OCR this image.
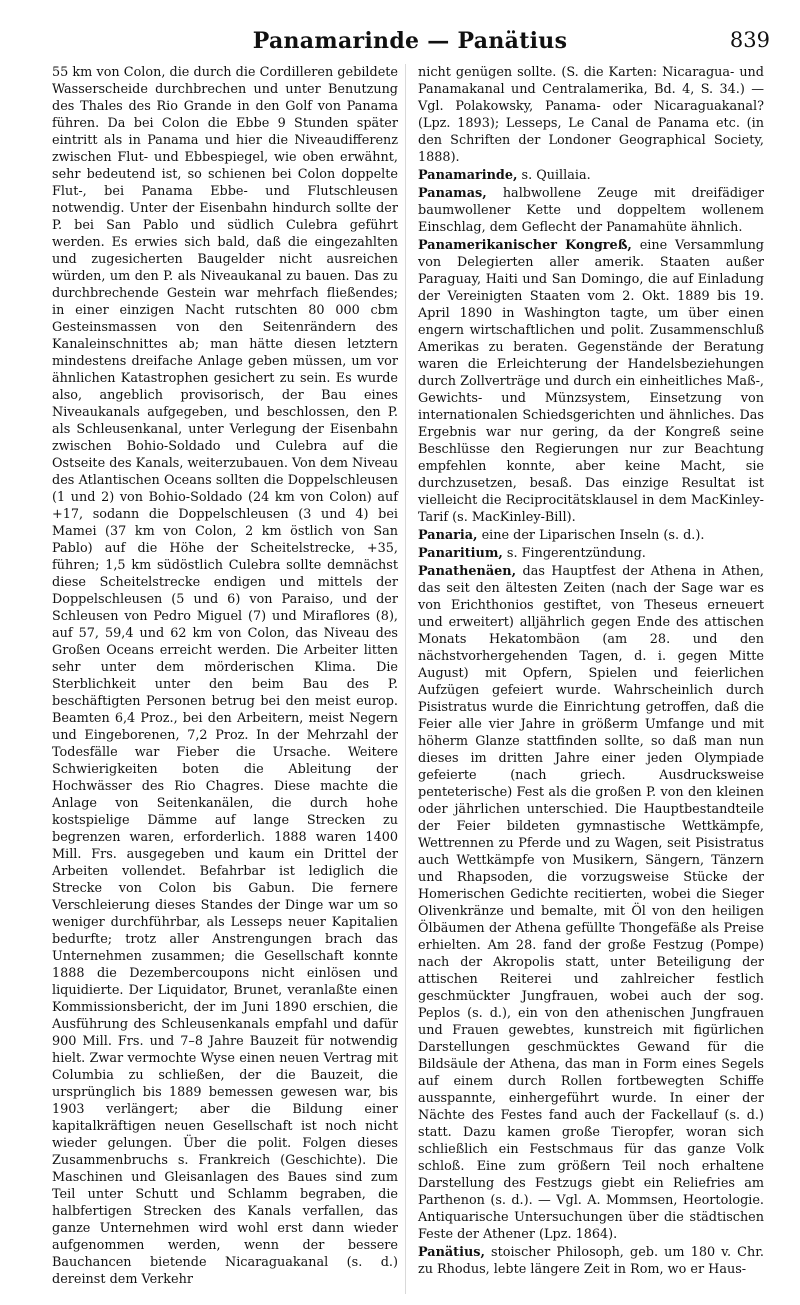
Panamarinde — Panätius	839

55 km von Colon, die durch die Cordilleren gebildete Wasserscheide durchbrechen und unter Benutzung des Thales des Rio Grande in den Golf von Panama führen. Da bei Colon die Ebbe 9 Stunden später eintritt als in Panama und hier die Niveaudifferenz zwischen Flut- und Ebbespiegel, wie oben erwähnt, sehr bedeutend ist, so schienen bei Colon doppelte Flut-, bei Panama Ebbe- und Flutschleusen notwendig. Unter der Eisenbahn hindurch sollte der P. bei San Pablo und südlich Culebra geführt werden. Es erwies sich bald, daß die eingezahlten und zugesicherten Baugelder nicht ausreichen würden, um den P. als Niveaukanal zu bauen. Das zu durchbrechende Gestein war mehrfach fließendes; in einer einzigen Nacht rutschten 80 000 cbm Gesteinsmassen von den Seitenrändern des Kanaleinschnittes ab; man hätte diesen letztern mindestens dreifache Anlage geben müssen, um vor ähnlichen Katastrophen gesichert zu sein. Es wurde also, angeblich provisorisch, der Bau eines Niveaukanals aufgegeben, und beschlossen, den P. als Schleusenkanal, unter Verlegung der Eisenbahn zwischen Bohio-Soldado und Culebra auf die Ostseite des Kanals, weiterzubauen. Von dem Niveau des Atlantischen Oceans sollten die Doppelschleusen (1 und 2) von Bohio-Soldado (24 km von Colon) auf +17, sodann die Doppelschleusen (3 und 4) bei Mamei (37 km von Colon, 2 km östlich von San Pablo) auf die Höhe der Scheitelstrecke, +35, führen; 1,5 km südöstlich Culebra sollte demnächst diese Scheitelstrecke endigen und mittels der Doppelschleusen (5 und 6) von Paraiso, und der Schleusen von Pedro Miguel (7) und Miraflores (8), auf 57, 59,4 und 62 km von Colon, das Niveau des Großen Oceans erreicht werden. Die Arbeiter litten sehr unter dem mörderischen Klima. Die Sterblichkeit unter den beim Bau des P. beschäftigten Personen betrug bei den meist europ. Beamten 6,4 Proz., bei den Arbeitern, meist Negern und Eingeborenen, 7,2 Proz. In der Mehrzahl der Todesfälle war Fieber die Ursache. Weitere Schwierigkeiten boten die Ableitung der Hochwässer des Rio Chagres. Diese machte die Anlage von Seitenkanälen, die durch hohe kostspielige Dämme auf lange Strecken zu begrenzen waren, erforderlich. 1888 waren 1400 Mill. Frs. ausgegeben und kaum ein Drittel der Arbeiten vollendet. Befahrbar ist lediglich die Strecke von Colon bis Gabun. Die fernere Verschleierung dieses Standes der Dinge war um so weniger durchführbar, als Lesseps neuer Kapitalien bedurfte; trotz aller Anstrengungen brach das Unternehmen zusammen; die Gesellschaft konnte 1888 die Dezembercoupons nicht einlösen und liquidierte. Der Liquidator, Brunet, veranlaßte einen Kommissionsbericht, der im Juni 1890 erschien, die Ausführung des Schleusenkanals empfahl und dafür 900 Mill. Frs. und 7–8 Jahre Bauzeit für notwendig hielt. Zwar vermochte Wyse einen neuen Vertrag mit Columbia zu schließen, der die Bauzeit, die ursprünglich bis 1889 bemessen gewesen war, bis 1903 verlängert; aber die Bildung einer kapitalkräftigen neuen Gesellschaft ist noch nicht wieder gelungen. Über die polit. Folgen dieses Zusammenbruchs s. Frankreich (Geschichte). Die Maschinen und Gleisanlagen des Baues sind zum Teil unter Schutt und Schlamm begraben, die halbfertigen Strecken des Kanals verfallen, das ganze Unternehmen wird wohl erst dann wieder aufgenommen werden, wenn der bessere Bauchancen bietende Nicaraguakanal (s. d.) dereinst dem Verkehr

nicht genügen sollte. (S. die Karten: Nicaragua- und Panamakanal und Centralamerika, Bd. 4, S. 34.) — Vgl. Polakowsky, Panama- oder Nicaraguakanal? (Lpz. 1893); Lesseps, Le Canal de Panama etc. (in den Schriften der Londoner Geographical Society, 1888).

Panamarinde, s. Quillaia.

Panamas, halbwollene Zeuge mit dreifädiger baumwollener Kette und doppeltem wollenem Einschlag, dem Geflecht der Panamahüte ähnlich.

Panamerikanischer Kongreß, eine Versammlung von Delegierten aller amerik. Staaten außer Paraguay, Haiti und San Domingo, die auf Einladung der Vereinigten Staaten vom 2. Okt. 1889 bis 19. April 1890 in Washington tagte, um über einen engern wirtschaftlichen und polit. Zusammenschluß Amerikas zu beraten. Gegenstände der Beratung waren die Erleichterung der Handelsbeziehungen durch Zollverträge und durch ein einheitliches Maß-, Gewichts- und Münzsystem, Einsetzung von internationalen Schiedsgerichten und ähnliches. Das Ergebnis war nur gering, da der Kongreß seine Beschlüsse den Regierungen nur zur Beachtung empfehlen konnte, aber keine Macht, sie durchzusetzen, besaß. Das einzige Resultat ist vielleicht die Reciprocitätsklausel in dem MacKinley-Tarif (s. MacKinley-Bill).

Panaria, eine der Liparischen Inseln (s. d.).

Panaritium, s. Fingerentzündung.

Panathenäen, das Hauptfest der Athena in Athen, das seit den ältesten Zeiten (nach der Sage war es von Erichthonios gestiftet, von Theseus erneuert und erweitert) alljährlich gegen Ende des attischen Monats Hekatombäon (am 28. und den nächstvorhergehenden Tagen, d. i. gegen Mitte August) mit Opfern, Spielen und feierlichen Aufzügen gefeiert wurde. Wahrscheinlich durch Pisistratus wurde die Einrichtung getroffen, daß die Feier alle vier Jahre in größerm Umfange und mit höherm Glanze stattfinden sollte, so daß man nun dieses im dritten Jahre einer jeden Olympiade gefeierte (nach griech. Ausdrucksweise penteterische) Fest als die großen P. von den kleinen oder jährlichen unterschied. Die Hauptbestandteile der Feier bildeten gymnastische Wettkämpfe, Wettrennen zu Pferde und zu Wagen, seit Pisistratus auch Wettkämpfe von Musikern, Sängern, Tänzern und Rhapsoden, die vorzugsweise Stücke der Homerischen Gedichte recitierten, wobei die Sieger Olivenkränze und bemalte, mit Öl von den heiligen Ölbäumen der Athena gefüllte Thongefäße als Preise erhielten. Am 28. fand der große Festzug (Pompe) nach der Akropolis statt, unter Beteiligung der attischen Reiterei und zahlreicher festlich geschmückter Jungfrauen, wobei auch der sog. Peplos (s. d.), ein von den athenischen Jungfrauen und Frauen gewebtes, kunstreich mit figürlichen Darstellungen geschmücktes Gewand für die Bildsäule der Athena, das man in Form eines Segels auf einem durch Rollen fortbewegten Schiffe ausspannte, einhergeführt wurde. In einer der Nächte des Festes fand auch der Fackellauf (s. d.) statt. Dazu kamen große Tieropfer, woran sich schließlich ein Festschmaus für das ganze Volk schloß. Eine zum größern Teil noch erhaltene Darstellung des Festzugs giebt ein Reliefries am Parthenon (s. d.). — Vgl. A. Mommsen, Heortologie. Antiquarische Untersuchungen über die städtischen Feste der Athener (Lpz. 1864).

Panätius, stoischer Philosoph, geb. um 180 v. Chr. zu Rhodus, lebte längere Zeit in Rom, wo er Haus-
